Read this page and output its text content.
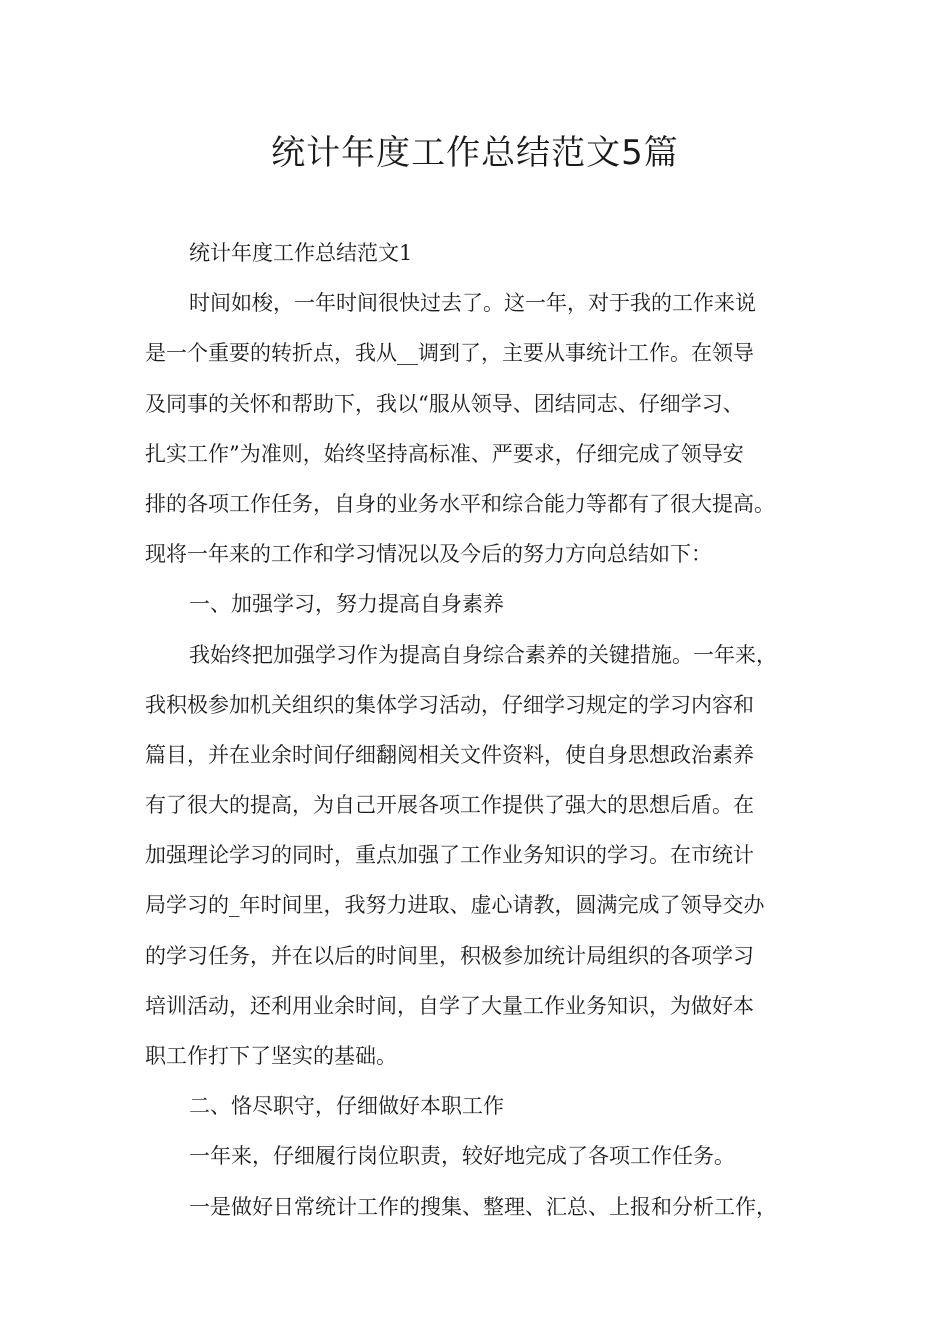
统计年度工作总结范文5篇
统计年度工作总结范文1
时间如梭，一年时间很快过去了。这一年，对于我的工作来说
是一个重要的转折点，我从__调到了，主要从事统计工作。在领导
及同事的关怀和帮助下，我以“服从领导、团结同志、仔细学习、
扎实工作”为准则，始终坚持高标准、严要求，仔细完成了领导安
排的各项工作任务，自身的业务水平和综合能力等都有了很大提高。
现将一年来的工作和学习情况以及今后的努力方向总结如下：
一、加强学习，努力提高自身素养
我始终把加强学习作为提高自身综合素养的关键措施。一年来，
我积极参加机关组织的集体学习活动，仔细学习规定的学习内容和
篇目，并在业余时间仔细翻阅相关文件资料，使自身思想政治素养
有了很大的提高，为自己开展各项工作提供了强大的思想后盾。在
加强理论学习的同时，重点加强了工作业务知识的学习。在市统计
局学习的_年时间里，我努力进取、虚心请教，圆满完成了领导交办
的学习任务，并在以后的时间里，积极参加统计局组织的各项学习
培训活动，还利用业余时间，自学了大量工作业务知识，为做好本
职工作打下了坚实的基础。
二、恪尽职守，仔细做好本职工作
一年来，仔细履行岗位职责，较好地完成了各项工作任务。
一是做好日常统计工作的搜集、整理、汇总、上报和分析工作，
